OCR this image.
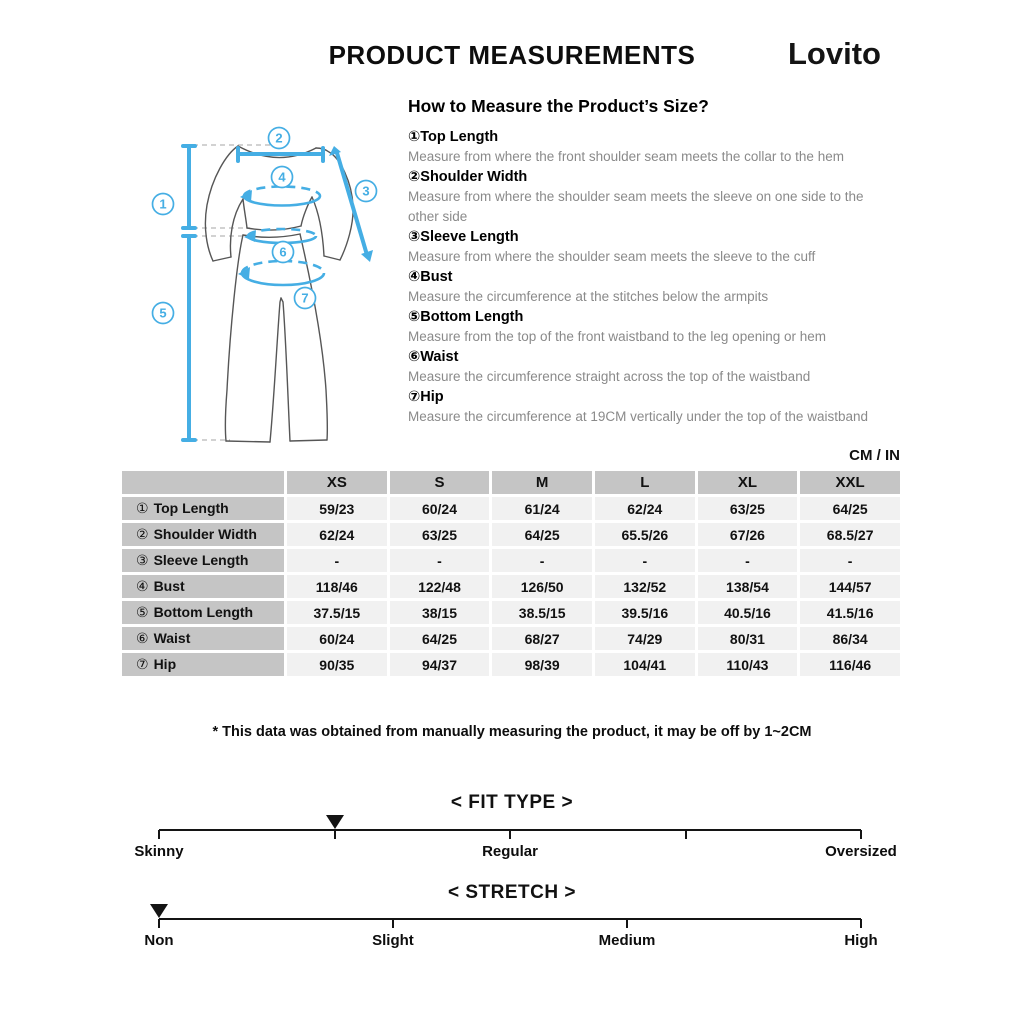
PRODUCT MEASUREMENTS	Lovito
1
2
3
4
5
6
7
How to Measure the Product’s Size?
①Top Length

Measure from where the front shoulder seam meets the collar to the hem

②Shoulder Width

Measure from where the shoulder seam meets the sleeve on one side to the other side

③Sleeve Length

Measure from where the shoulder seam meets the sleeve to the cuff

④Bust

Measure the circumference at the stitches below the armpits

⑤Bottom Length

Measure from the top of the front waistband to the leg opening or hem

⑥Waist

Measure the circumference straight across the top of the waistband

⑦Hip

Measure the circumference at 19CM vertically under the top of the waistband

CM / IN
	XS	S	M	L	XL	XXL
① Top Length	59/23	60/24	61/24	62/24	63/25	64/25
② Shoulder Width	62/24	63/25	64/25	65.5/26	67/26	68.5/27
③ Sleeve Length	-	-	-	-	-	-
④ Bust	118/46	122/48	126/50	132/52	138/54	144/57
⑤ Bottom Length	37.5/15	38/15	38.5/15	39.5/16	40.5/16	41.5/16
⑥ Waist	60/24	64/25	68/27	74/29	80/31	86/34
⑦ Hip	90/35	94/37	98/39	104/41	110/43	116/46
* This data was obtained from manually measuring the product, it may be off by 1~2CM
< FIT TYPE >
Skinny	Regular	Oversized
< STRETCH >
Non	Slight	Medium	High
